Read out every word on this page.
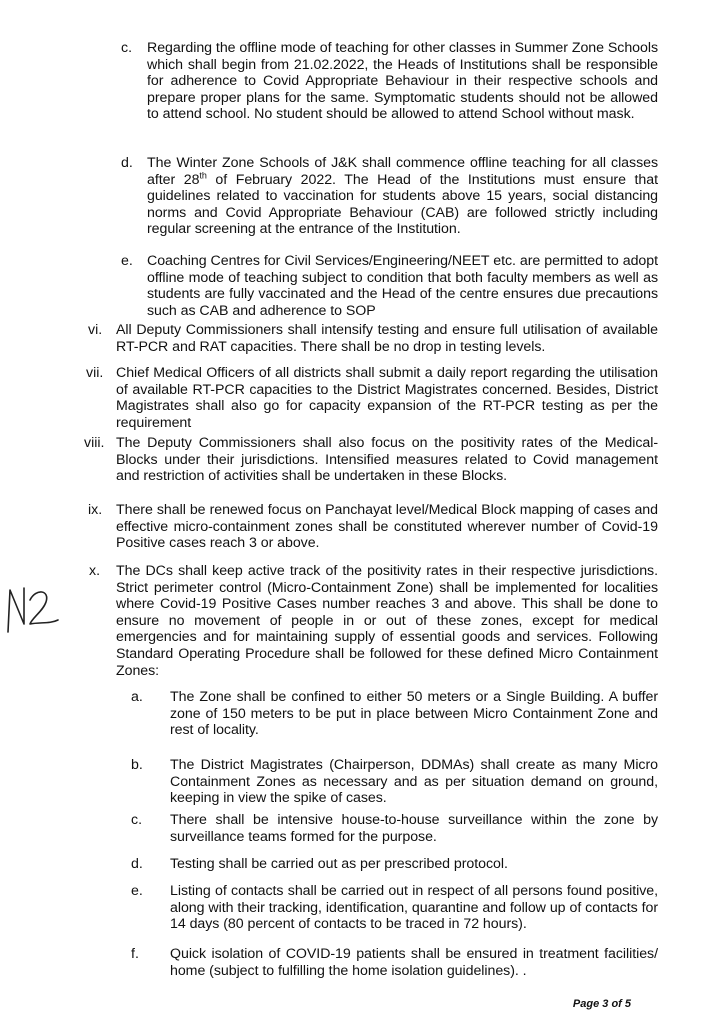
c. Regarding the offline mode of teaching for other classes in Summer Zone Schools which shall begin from 21.02.2022, the Heads of Institutions shall be responsible for adherence to Covid Appropriate Behaviour in their respective schools and prepare proper plans for the same. Symptomatic students should not be allowed to attend school. No student should be allowed to attend School without mask.
d. The Winter Zone Schools of J&K shall commence offline teaching for all classes after 28th of February 2022. The Head of the Institutions must ensure that guidelines related to vaccination for students above 15 years, social distancing norms and Covid Appropriate Behaviour (CAB) are followed strictly including regular screening at the entrance of the Institution.
e. Coaching Centres for Civil Services/Engineering/NEET etc. are permitted to adopt offline mode of teaching subject to condition that both faculty members as well as students are fully vaccinated and the Head of the centre ensures due precautions such as CAB and adherence to SOP
vi. All Deputy Commissioners shall intensify testing and ensure full utilisation of available RT-PCR and RAT capacities. There shall be no drop in testing levels.
vii. Chief Medical Officers of all districts shall submit a daily report regarding the utilisation of available RT-PCR capacities to the District Magistrates concerned. Besides, District Magistrates shall also go for capacity expansion of the RT-PCR testing as per the requirement
viii. The Deputy Commissioners shall also focus on the positivity rates of the Medical-Blocks under their jurisdictions. Intensified measures related to Covid management and restriction of activities shall be undertaken in these Blocks.
ix. There shall be renewed focus on Panchayat level/Medical Block mapping of cases and effective micro-containment zones shall be constituted wherever number of Covid-19 Positive cases reach 3 or above.
x. The DCs shall keep active track of the positivity rates in their respective jurisdictions. Strict perimeter control (Micro-Containment Zone) shall be implemented for localities where Covid-19 Positive Cases number reaches 3 and above. This shall be done to ensure no movement of people in or out of these zones, except for medical emergencies and for maintaining supply of essential goods and services. Following Standard Operating Procedure shall be followed for these defined Micro Containment Zones:
a. The Zone shall be confined to either 50 meters or a Single Building. A buffer zone of 150 meters to be put in place between Micro Containment Zone and rest of locality.
b. The District Magistrates (Chairperson, DDMAs) shall create as many Micro Containment Zones as necessary and as per situation demand on ground, keeping in view the spike of cases.
c. There shall be intensive house-to-house surveillance within the zone by surveillance teams formed for the purpose.
d. Testing shall be carried out as per prescribed protocol.
e. Listing of contacts shall be carried out in respect of all persons found positive, along with their tracking, identification, quarantine and follow up of contacts for 14 days (80 percent of contacts to be traced in 72 hours).
f. Quick isolation of COVID-19 patients shall be ensured in treatment facilities/ home (subject to fulfilling the home isolation guidelines). .
Page 3 of 5
